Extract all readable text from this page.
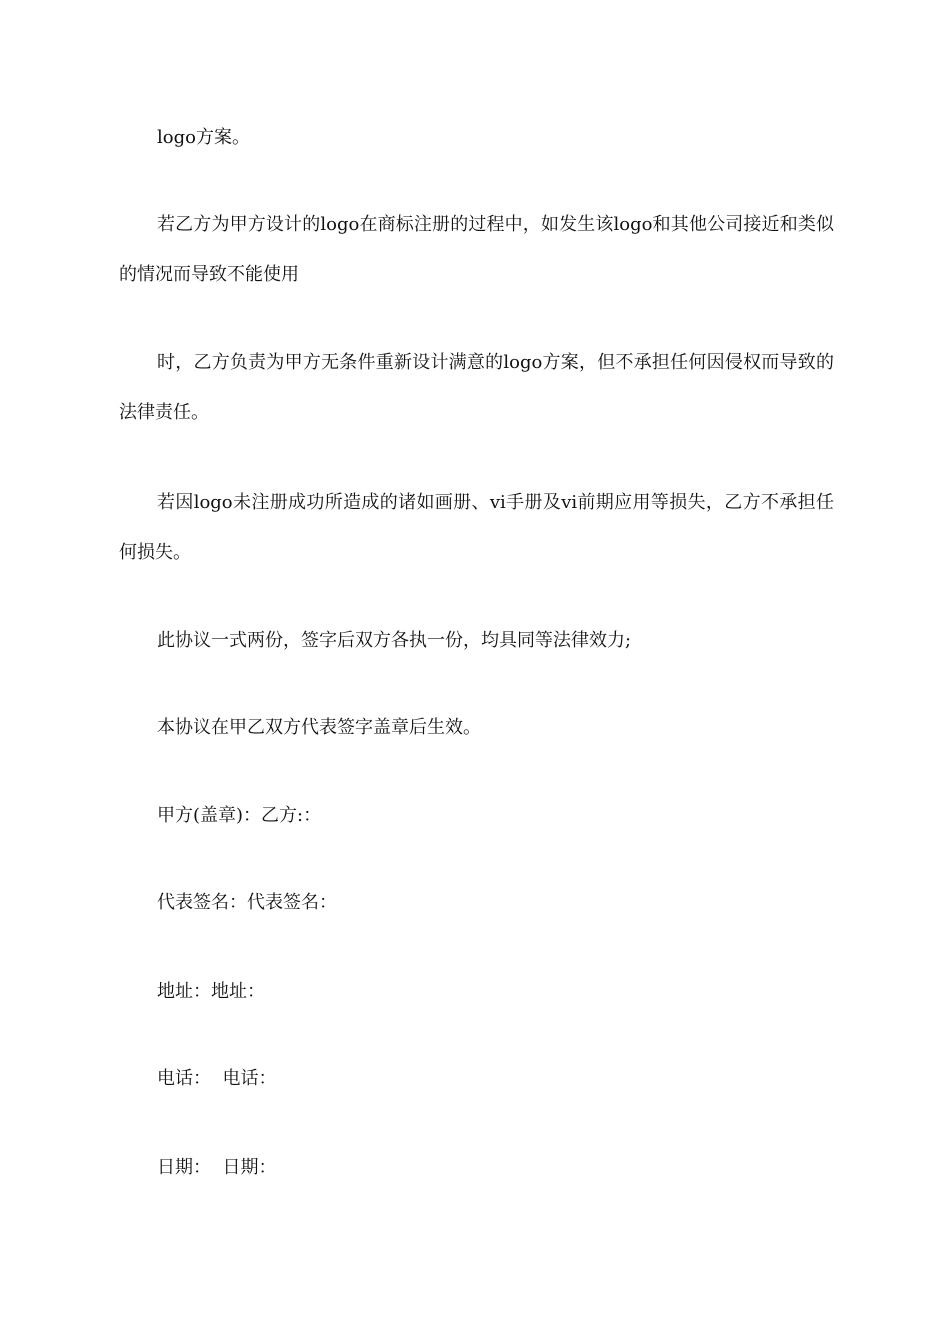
logo方案。

若乙方为甲方设计的logo在商标注册的过程中，如发生该logo和其他公司接近和类似的情况而导致不能使用

时，乙方负责为甲方无条件重新设计满意的logo方案，但不承担任何因侵权而导致的法律责任。

若因logo未注册成功所造成的诸如画册、vi手册及vi前期应用等损失，乙方不承担任何损失。

此协议一式两份，签字后双方各执一份，均具同等法律效力;

本协议在甲乙双方代表签字盖章后生效。

甲方(盖章)：乙方:：

代表签名：代表签名：

地址：地址：

电话：  电话：

日期：  日期：
